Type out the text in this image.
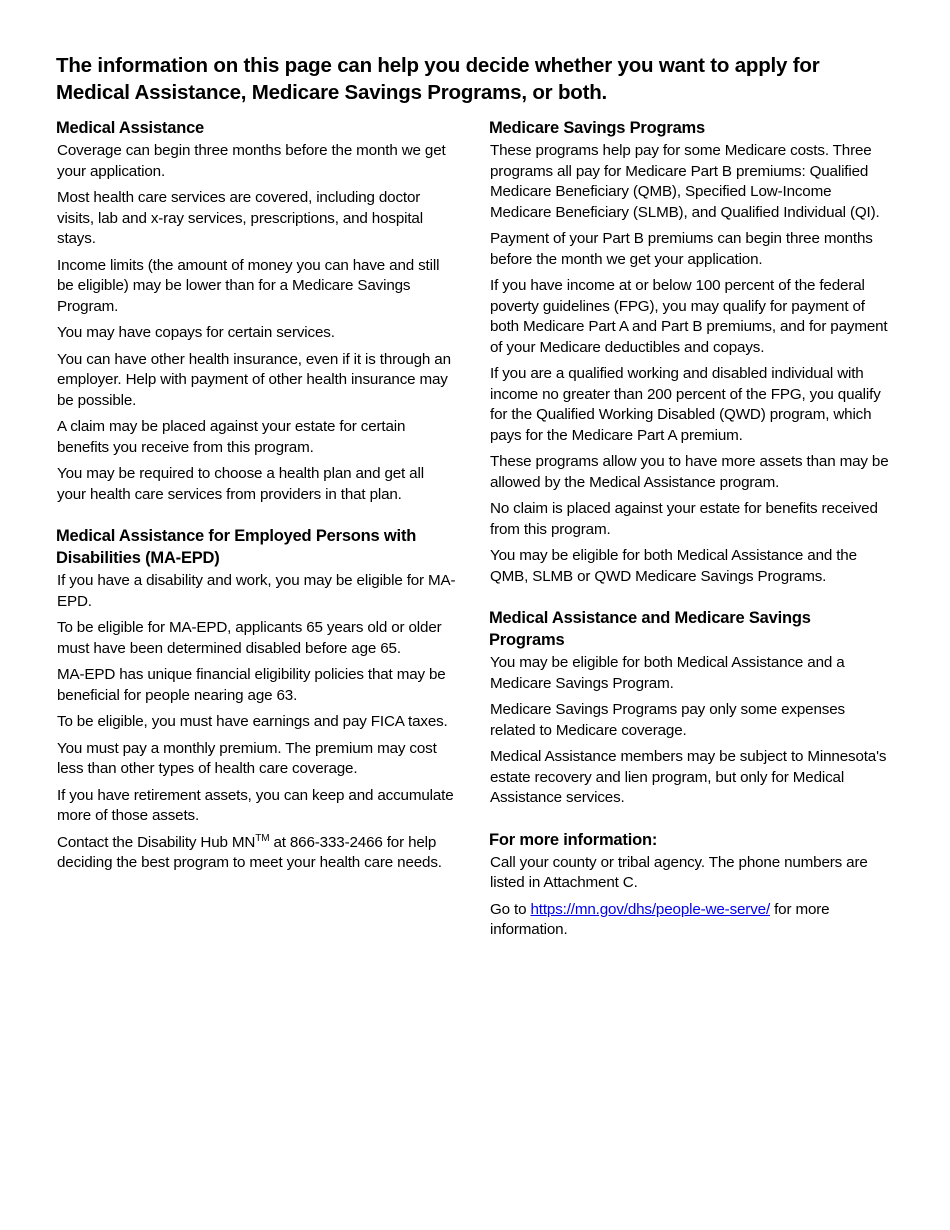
The information on this page can help you decide whether you want to apply for Medical Assistance, Medicare Savings Programs, or both.
Medical Assistance

Coverage can begin three months before the month we get your application.

Most health care services are covered, including doctor visits, lab and x-ray services, prescriptions, and hospital stays.

Income limits (the amount of money you can have and still be eligible) may be lower than for a Medicare Savings Program.

You may have copays for certain services.

You can have other health insurance, even if it is through an employer. Help with payment of other health insurance may be possible.

A claim may be placed against your estate for certain benefits you receive from this program.

You may be required to choose a health plan and get all your health care services from providers in that plan.

Medical Assistance for Employed Persons with Disabilities (MA-EPD)

If you have a disability and work, you may be eligible for MA-EPD.

To be eligible for MA-EPD, applicants 65 years old or older must have been determined disabled before age 65.

MA-EPD has unique financial eligibility policies that may be beneficial for people nearing age 63.

To be eligible, you must have earnings and pay FICA taxes.

You must pay a monthly premium. The premium may cost less than other types of health care coverage.

If you have retirement assets, you can keep and accumulate more of those assets.

Contact the Disability Hub MN™ at 866-333-2466 for help deciding the best program to meet your health care needs.

Medicare Savings Programs

These programs help pay for some Medicare costs. Three programs all pay for Medicare Part B premiums: Qualified Medicare Beneficiary (QMB), Specified Low-Income Medicare Beneficiary (SLMB), and Qualified Individual (QI).

Payment of your Part B premiums can begin three months before the month we get your application.

If you have income at or below 100 percent of the federal poverty guidelines (FPG), you may qualify for payment of both Medicare Part A and Part B premiums, and for payment of your Medicare deductibles and copays.

If you are a qualified working and disabled individual with income no greater than 200 percent of the FPG, you qualify for the Qualified Working Disabled (QWD) program, which pays for the Medicare Part A premium.

These programs allow you to have more assets than may be allowed by the Medical Assistance program.

No claim is placed against your estate for benefits received from this program.

You may be eligible for both Medical Assistance and the QMB, SLMB or QWD Medicare Savings Programs.

Medical Assistance and Medicare Savings Programs

You may be eligible for both Medical Assistance and a Medicare Savings Program.

Medicare Savings Programs pay only some expenses related to Medicare coverage.

Medical Assistance members may be subject to Minnesota's estate recovery and lien program, but only for Medical Assistance services.

For more information:

Call your county or tribal agency. The phone numbers are listed in Attachment C.

Go to https://mn.gov/dhs/people-we-serve/ for more information.
